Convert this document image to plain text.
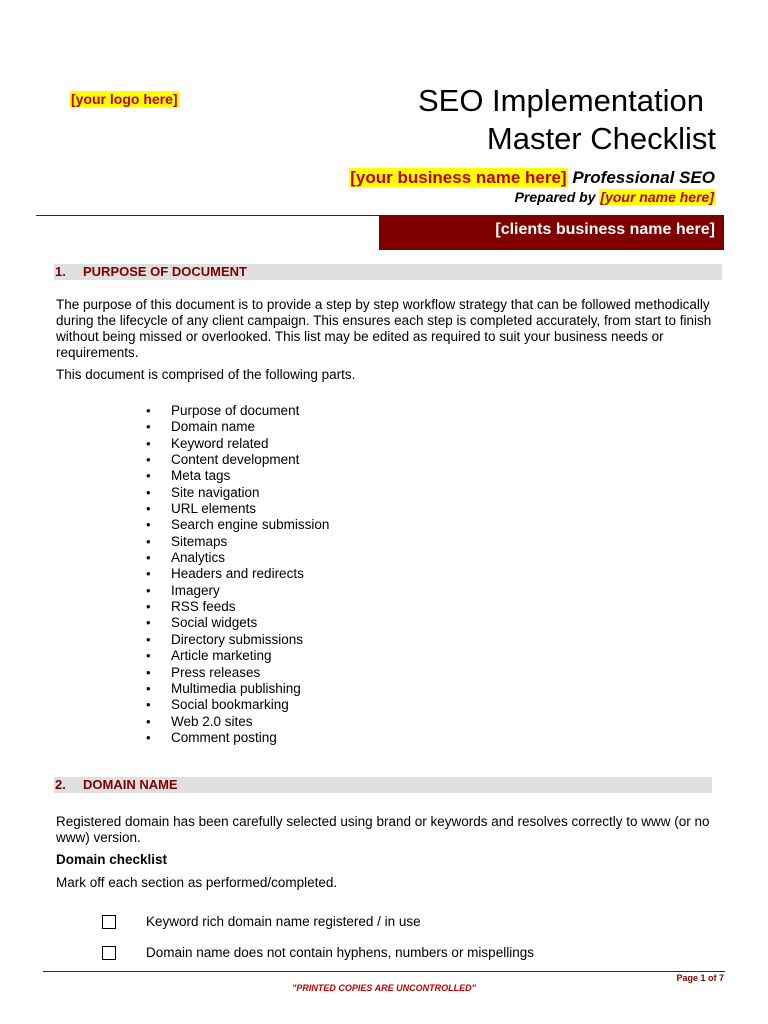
[your logo here]	SEO Implementation
Master Checklist
[your business name here] Professional SEO
Prepared by [your name here]
[clients business name here]
1. PURPOSE OF DOCUMENT
The purpose of this document is to provide a step by step workflow strategy that can be followed methodically during the lifecycle of any client campaign. This ensures each step is completed accurately, from start to finish without being missed or overlooked. This list may be edited as required to suit your business needs or requirements.
This document is comprised of the following parts.
• Purpose of document
• Domain name
• Keyword related
• Content development
• Meta tags
• Site navigation
• URL elements
• Search engine submission
• Sitemaps
• Analytics
• Headers and redirects
• Imagery
• RSS feeds
• Social widgets
• Directory submissions
• Article marketing
• Press releases
• Multimedia publishing
• Social bookmarking
• Web 2.0 sites
• Comment posting
2. DOMAIN NAME
Registered domain has been carefully selected using brand or keywords and resolves correctly to www (or no www) version.
Domain checklist
Mark off each section as performed/completed.
Keyword rich domain name registered / in use
Domain name does not contain hyphens, numbers or mispellings
Page 1 of 7
"PRINTED COPIES ARE UNCONTROLLED"
